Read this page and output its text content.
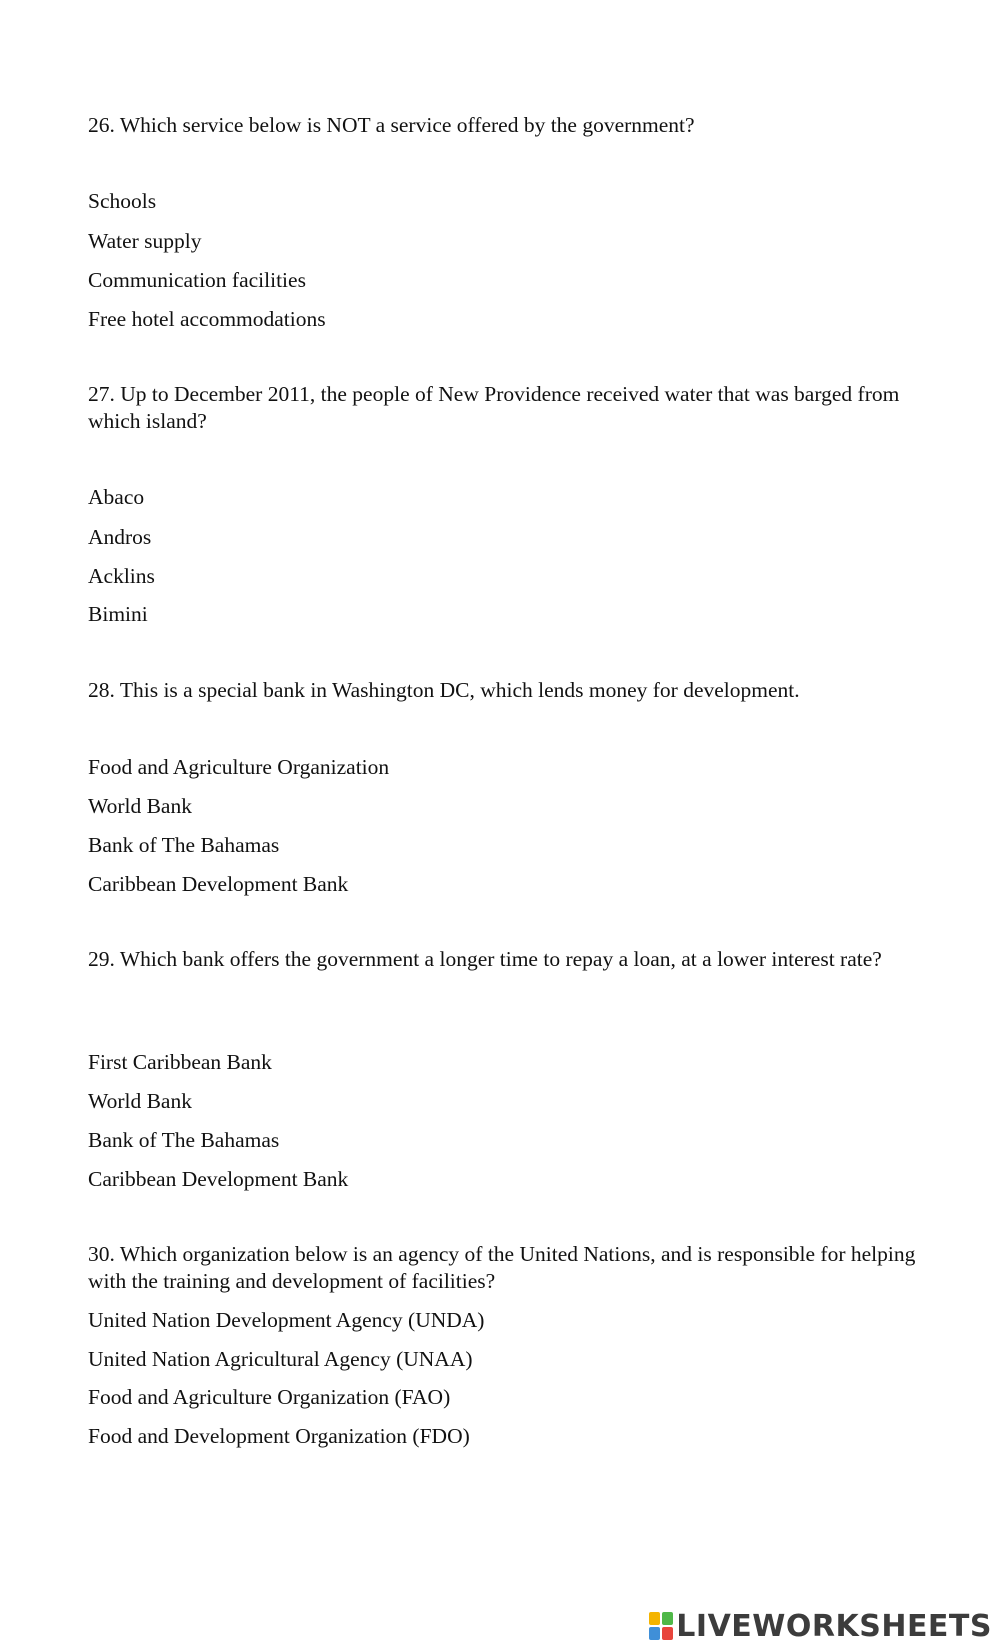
26. Which service below is NOT a service offered by the government?

Schools

Water supply

Communication facilities

Free hotel accommodations

27. Up to December 2011, the people of New Providence received water that was barged from which island?

Abaco

Andros

Acklins

Bimini

28. This is a special bank in Washington DC, which lends money for development.

Food and Agriculture Organization

World Bank

Bank of The Bahamas

Caribbean Development Bank

29. Which bank offers the government a longer time to repay a loan, at a lower interest rate?

First Caribbean Bank

World Bank

Bank of The Bahamas

Caribbean Development Bank

30. Which organization below is an agency of the United Nations, and is responsible for helping with the training and development of facilities?

United Nation Development Agency (UNDA)

United Nation Agricultural Agency (UNAA)

Food and Agriculture Organization (FAO)

Food and Development Organization (FDO)

LIVEWORKSHEETS
